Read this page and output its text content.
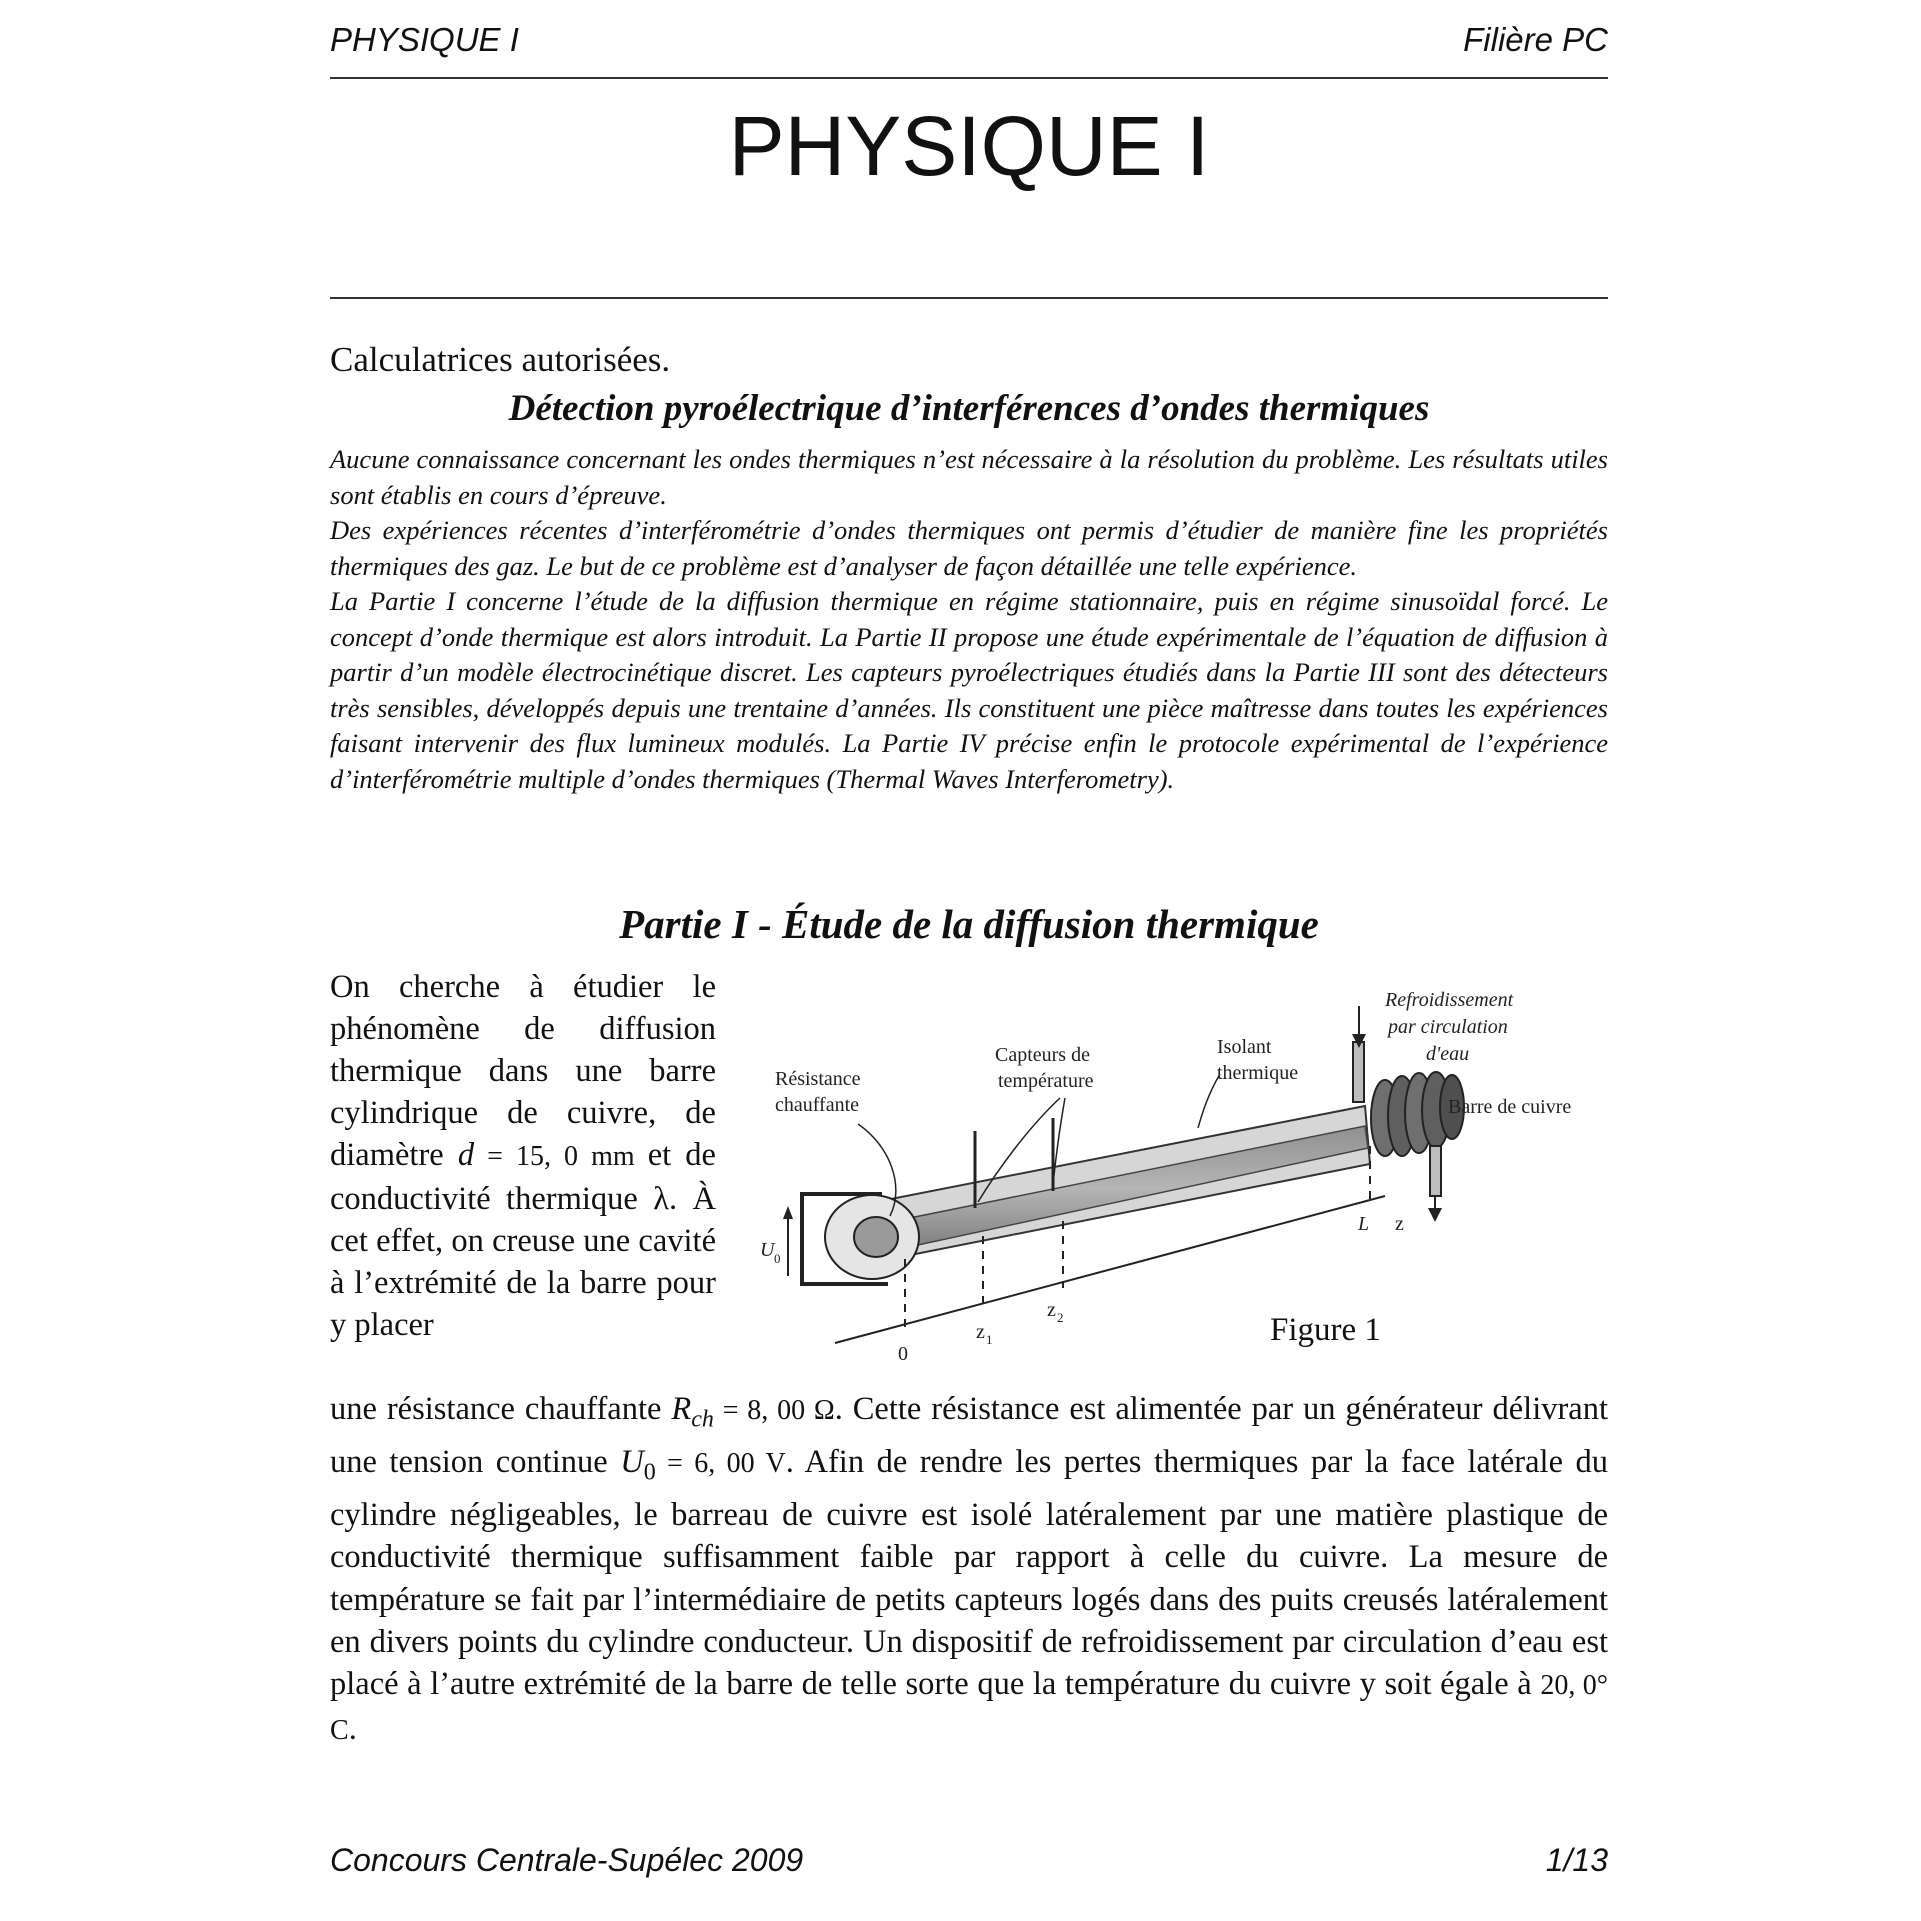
PHYSIQUE I	Filière PC
PHYSIQUE I
Calculatrices autorisées.
Détection pyroélectrique d’interférences d’ondes thermiques

Aucune connaissance concernant les ondes thermiques n’est nécessaire à la résolution du problème. Les résultats utiles sont établis en cours d’épreuve.

Des expériences récentes d’interférométrie d’ondes thermiques ont permis d’étudier de manière fine les propriétés thermiques des gaz. Le but de ce problème est d’analyser de façon détaillée une telle expérience.

La Partie I concerne l’étude de la diffusion thermique en régime stationnaire, puis en régime sinusoïdal forcé. Le concept d’onde thermique est alors introduit. La Partie II propose une étude expérimentale de l’équation de diffusion à partir d’un modèle électrocinétique discret. Les capteurs pyroélectriques étudiés dans la Partie III sont des détecteurs très sensibles, développés depuis une trentaine d’années. Ils constituent une pièce maîtresse dans toutes les expériences faisant intervenir des flux lumineux modulés. La Partie IV précise enfin le protocole expérimental de l’expérience d’interférométrie multiple d’ondes thermiques (Thermal Waves Interferometry).

Partie I - Étude de la diffusion thermique

On cherche à étudier le phénomène de diffusion thermique dans une barre cylindrique de cuivre, de diamètre d = 15, 0 mm et de conductivité thermique λ. À cet effet, on creuse une cavité à l’extrémité de la barre pour y placer

Résistance
chauffante
Capteurs de
température
Isolant
thermique
Refroidissement
par circulation
d'eau
Barre de cuivre
U 0
0
z 1
z 2
L z
Figure 1

une résistance chauffante $R_{ch} = 8$, 00 Ω. Cette résistance est alimentée par un générateur délivrant une tension continue $U_0 = 6$, 00 V. Afin de rendre les pertes thermiques par la face latérale du cylindre négligeables, le barreau de cuivre est isolé latéralement par une matière plastique de conductivité thermique suffisamment faible par rapport à celle du cuivre. La mesure de température se fait par l’intermédiaire de petits capteurs logés dans des puits creusés latéralement en divers points du cylindre conducteur. Un dispositif de refroidissement par circulation d’eau est placé à l’autre extrémité de la barre de telle sorte que la température du cuivre y soit égale à 20, 0° C.

Concours Centrale-Supélec 2009	1/13
